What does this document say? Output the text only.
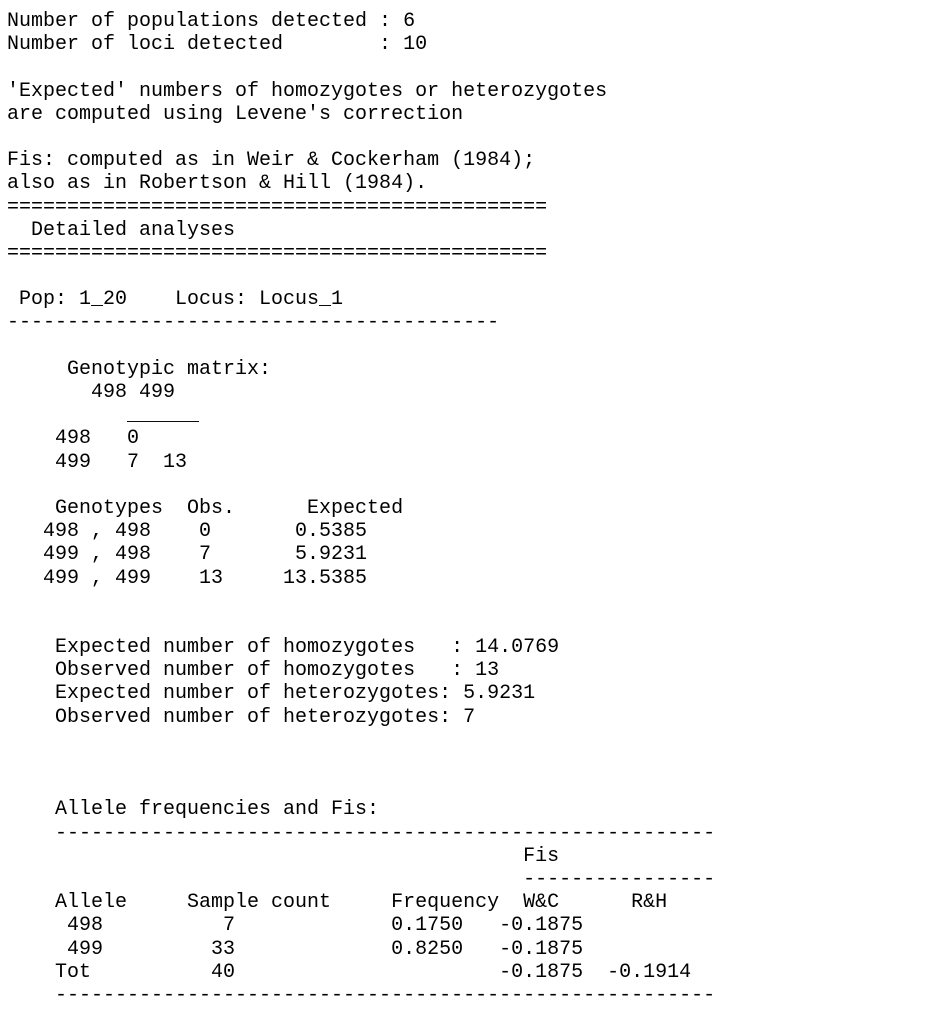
Number of populations detected : 6
Number of loci detected        : 10
'Expected' numbers of homozygotes or heterozygotes
are computed using Levene's correction
Fis: computed as in Weir & Cockerham (1984);
also as in Robertson & Hill (1984).
=============================================
Detailed analyses
=============================================
Pop: 1_20    Locus: Locus_1
-----------------------------------------
Genotypic matrix:
498 499
______
498   0
499   7  13
Genotypes  Obs.      Expected
498 , 498    0       0.5385
499 , 498    7       5.9231
499 , 499    13     13.5385
Expected number of homozygotes   : 14.0769
Observed number of homozygotes   : 13
Expected number of heterozygotes: 5.9231
Observed number of heterozygotes: 7
Allele frequencies and Fis:
-------------------------------------------------------
Fis
----------------
Allele     Sample count     Frequency  W&C      R&H
498          7             0.1750   -0.1875
499         33             0.8250   -0.1875
Tot          40                      -0.1875  -0.1914
-------------------------------------------------------
